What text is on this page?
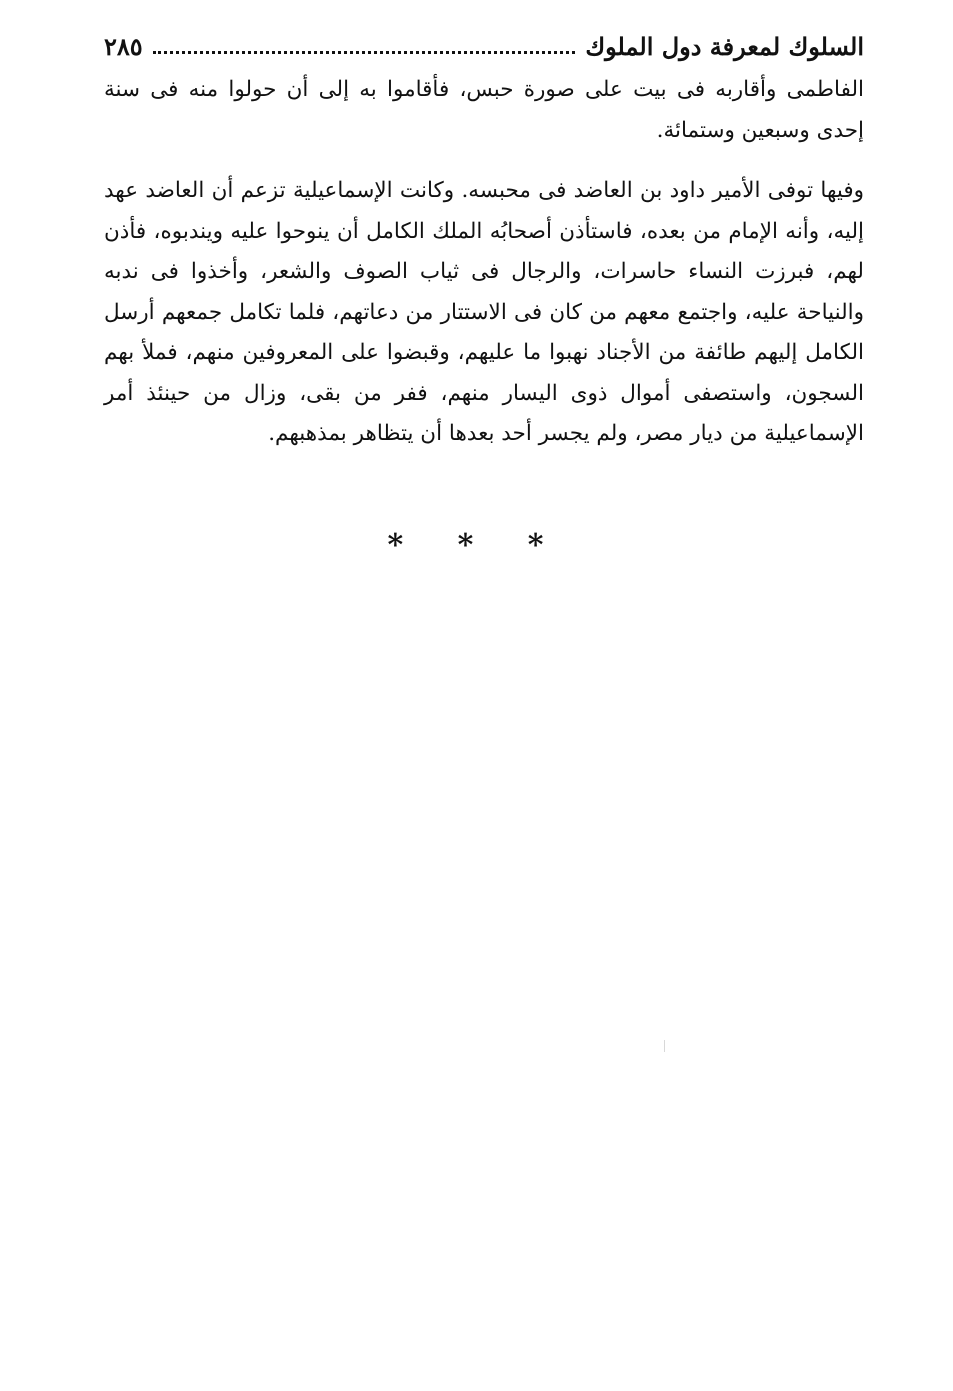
السلوك لمعرفة دول الملوك
٢٨٥

الفاطمى وأقاربه فى بيت على صورة حبس، فأقاموا به إلى أن حولوا منه فى سنة إحدى وسبعين وستمائة.

وفيها توفى الأمير داود بن العاضد فى محبسه. وكانت الإسماعيلية تزعم أن العاضد عهد إليه، وأنه الإمام من بعده، فاستأذن أصحابُه الملك الكامل أن ينوحوا عليه ويندبوه، فأذن لهم، فبرزت النساء حاسرات، والرجال فى ثياب الصوف والشعر، وأخذوا فى ندبه والنياحة عليه، واجتمع معهم من كان فى الاستتار من دعاتهم، فلما تكامل جمعهم أرسل الكامل إليهم طائفة من الأجناد نهبوا ما عليهم، وقبضوا على المعروفين منهم، فملأ بهم السجون، واستصفى أموال ذوى اليسار منهم، ففر من بقى، وزال من حينئذ أمر الإسماعيلية من ديار مصر، ولم يجسر أحد بعدها أن يتظاهر بمذهبهم.

* * *
